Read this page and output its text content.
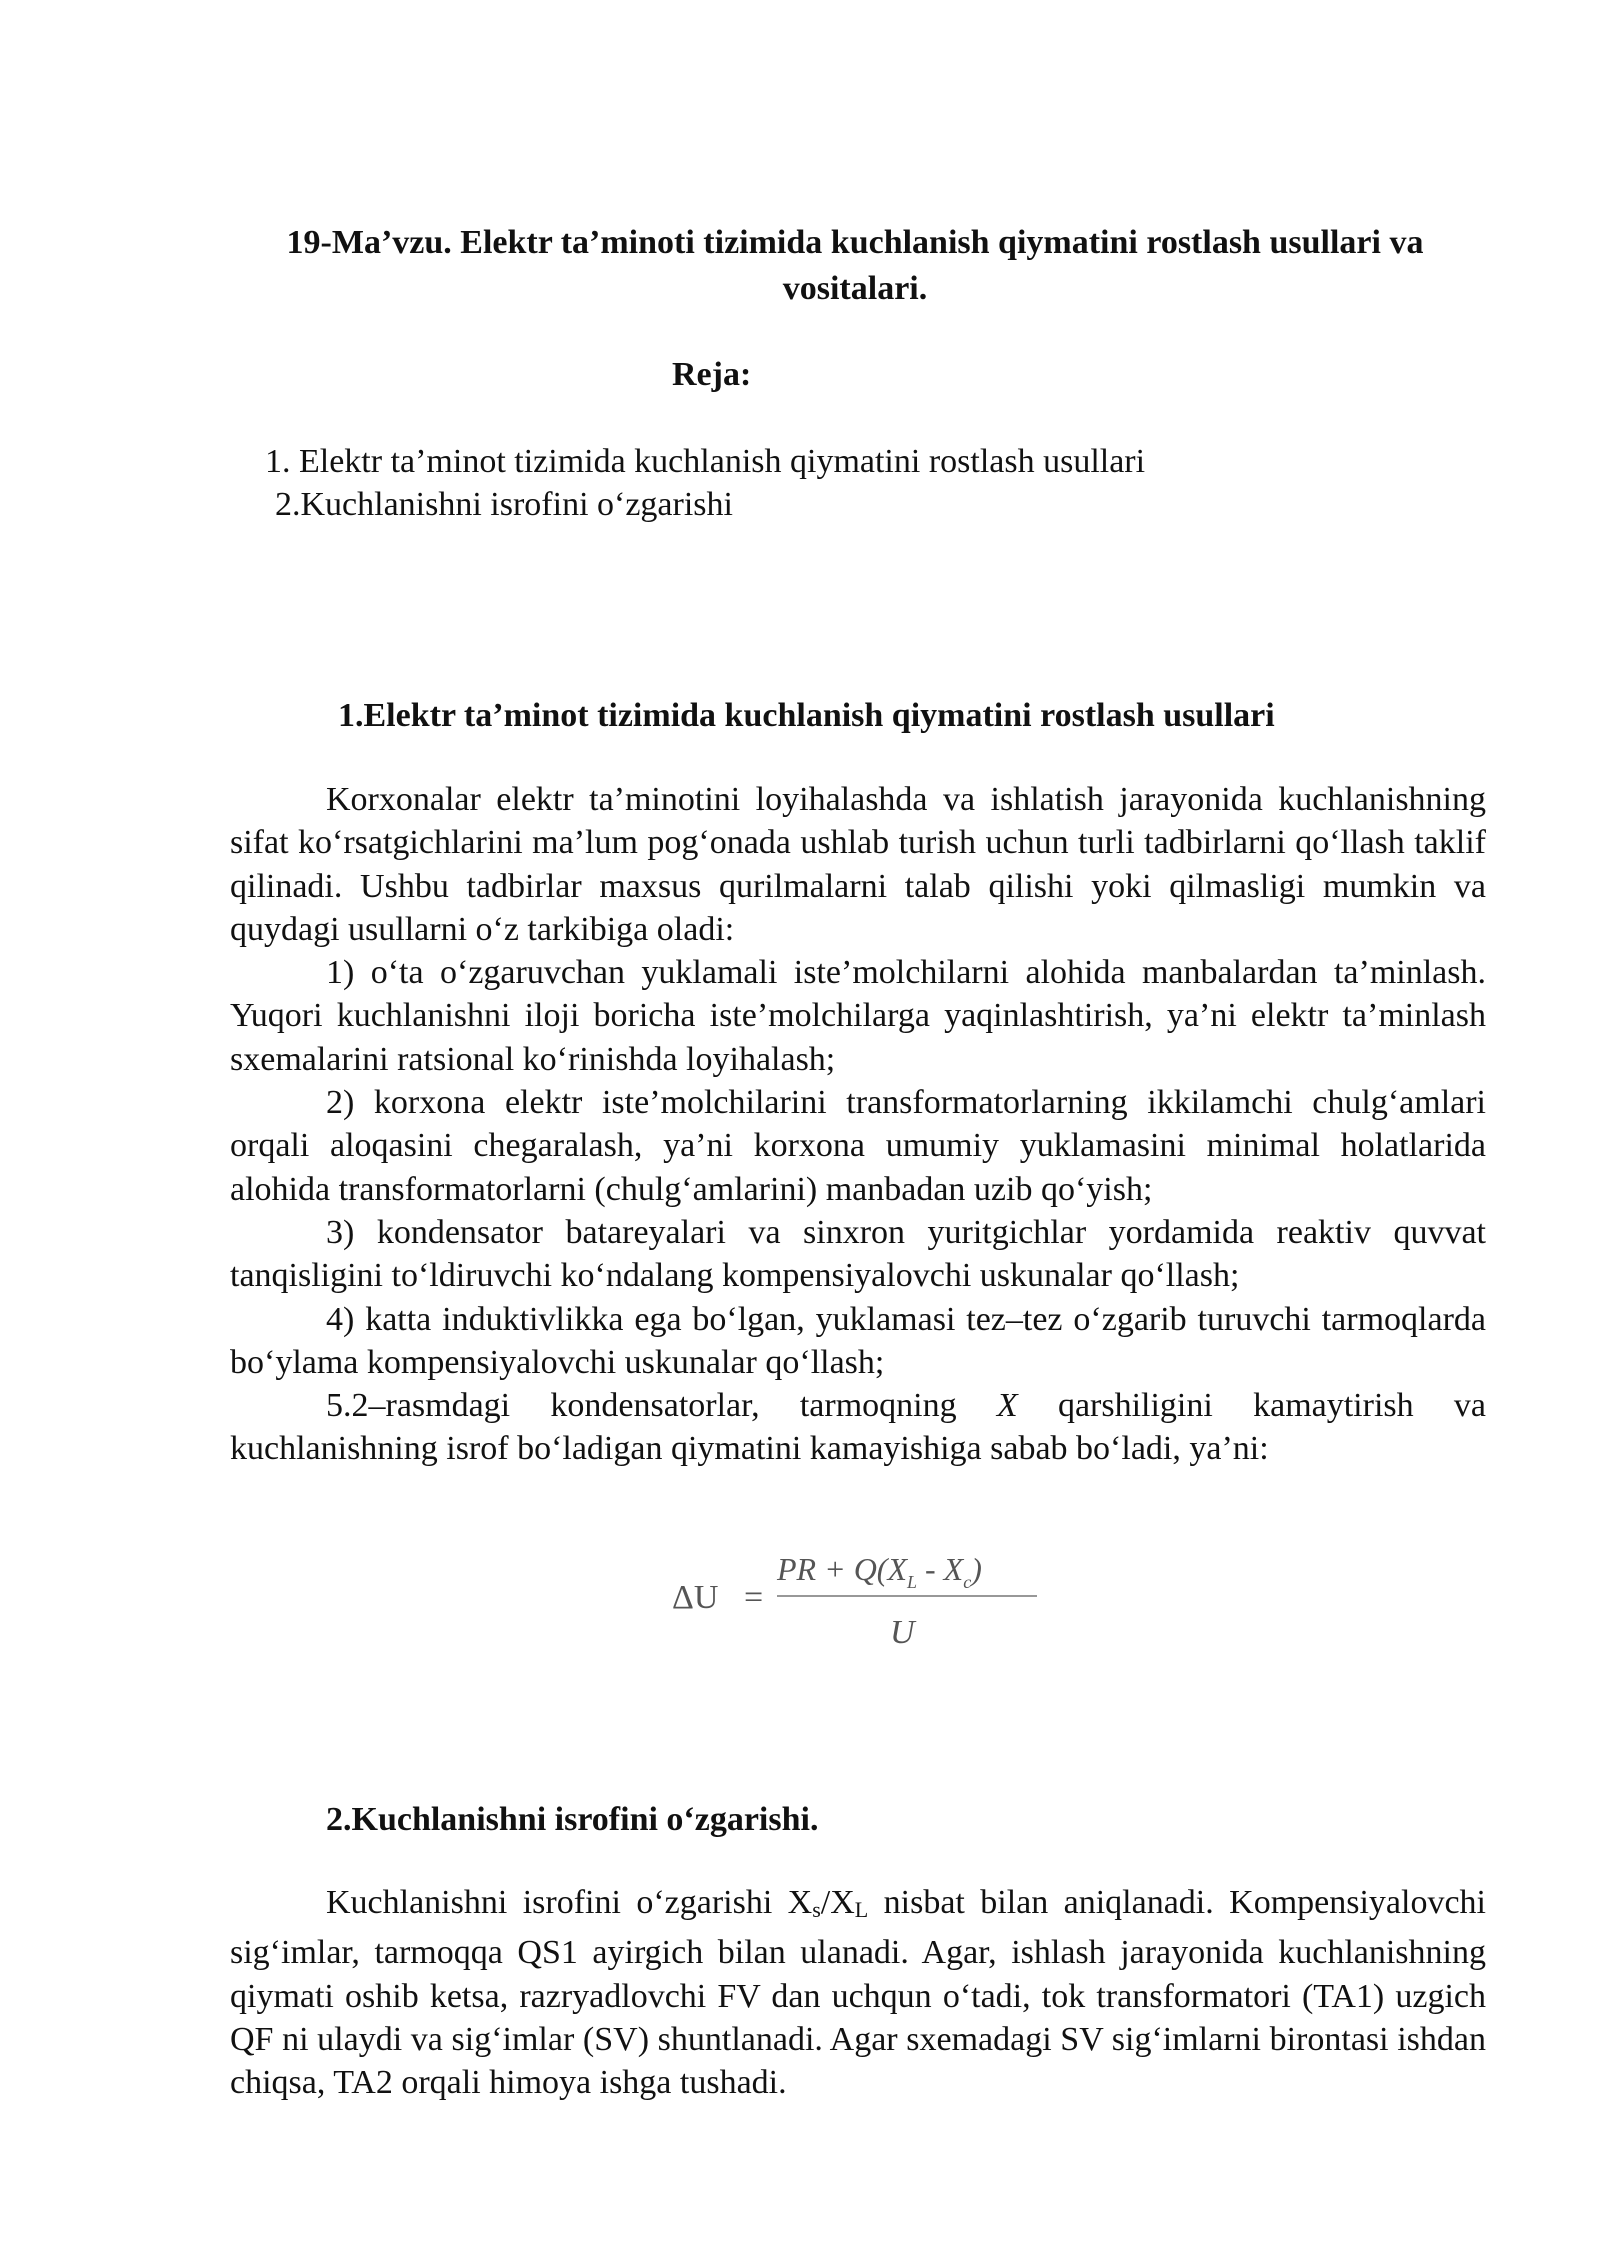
19-Ma’vzu. Elektr ta’minoti tizimida kuchlanish qiymatini rostlash usullari va vositalari.
Reja:
1. Elektr ta’minot tizimida kuchlanish qiymatini rostlash usullari
2.Kuchlanishni isrofini o‘zgarishi
1.Elektr ta’minot tizimida kuchlanish qiymatini rostlash usullari

Korxonalar elektr ta’minotini loyihalashda va ishlatish jarayonida kuchlanishning sifat ko‘rsatgichlarini ma’lum pog‘onada ushlab turish uchun turli tadbirlarni qo‘llash taklif qilinadi. Ushbu tadbirlar maxsus qurilmalarni talab qilishi yoki qilmasligi mumkin va quydagi usullarni o‘z tarkibiga oladi:

1) o‘ta o‘zgaruvchan yuklamali iste’molchilarni alohida manbalardan ta’minlash. Yuqori kuchlanishni iloji boricha iste’molchilarga yaqinlashtirish, ya’ni elektr ta’minlash sxemalarini ratsional ko‘rinishda loyihalash;

2) korxona elektr iste’molchilarini transformatorlarning ikkilamchi chulg‘amlari orqali aloqasini chegaralash, ya’ni korxona umumiy yuklamasini minimal holatlarida alohida transformatorlarni (chulg‘amlarini) manbadan uzib qo‘yish;

3) kondensator batareyalari va sinxron yuritgichlar yordamida reaktiv quvvat tanqisligini to‘ldiruvchi ko‘ndalang kompensiyalovchi uskunalar qo‘llash;

4) katta induktivlikka ega bo‘lgan, yuklamasi tez–tez o‘zgarib turuvchi tarmoqlarda bo‘ylama kompensiyalovchi uskunalar qo‘llash;

5.2–rasmdagi kondensatorlar, tarmoqning X qarshiligini kamaytirish va kuchlanishning isrof bo‘ladigan qiymatini kamayishiga sabab bo‘ladi, ya’ni:

ΔU =
PR + $Q(X_L - X_c)$
U
2.Kuchlanishni isrofini o‘zgarishi.

Kuchlanishni isrofini o‘zgarishi Xs/XL nisbat bilan aniqlanadi. Kompensiyalovchi sig‘imlar, tarmoqqa QS1 ayirgich bilan ulanadi. Agar, ishlash jarayonida kuchlanishning qiymati oshib ketsa, razryadlovchi FV dan uchqun o‘tadi, tok transformatori (TA1) uzgich QF ni ulaydi va sig‘imlar (SV) shuntlanadi. Agar sxemadagi SV sig‘imlarni birontasi ishdan chiqsa, TA2 orqali himoya ishga tushadi.
